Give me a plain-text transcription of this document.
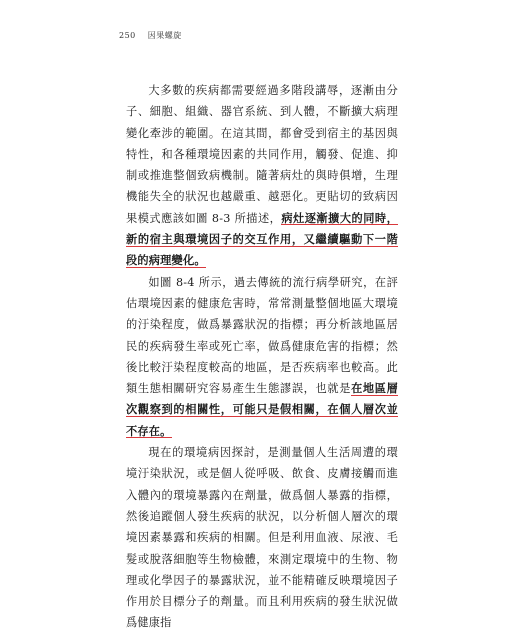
250 因果螺旋

大多數的疾病都需要經過多階段講辱，逐漸由分子、細胞、組織、器官系統、到人體，不斷擴大病理變化牽涉的範圍。在這其間，都會受到宿主的基因與特性，和各種環境因素的共同作用，觸發、促進、抑制或推進整個致病機制。隨著病灶的與時俱增，生理機能失全的狀況也越嚴重、越惡化。更貼切的致病因果模式應該如圖 8-3 所描述，病灶逐漸擴大的同時，新的宿主與環境因子的交互作用，又繼續驅動下一階段的病理變化。

如圖 8-4 所示，過去傳統的流行病學研究，在評估環境因素的健康危害時，常常測量整個地區大環境的汙染程度，做爲暴露狀況的指標；再分析該地區居民的疾病發生率或死亡率，做爲健康危害的指標；然後比較汙染程度較高的地區，是否疾病率也較高。此類生態相關研究容易產生生態謬誤，也就是在地區層次觀察到的相關性，可能只是假相關，在個人層次並不存在。

現在的環境病因探討，是測量個人生活周遭的環境汙染狀況，或是個人從呼吸、飲食、皮膚接觸而進入體內的環境暴露內在劑量，做爲個人暴露的指標，然後追蹤個人發生疾病的狀況，以分析個人層次的環境因素暴露和疾病的相關。但是利用血液、尿液、毛髮或脫落細胞等生物檢體，來測定環境中的生物、物理或化學因子的暴露狀況，並不能精確反映環境因子作用於目標分子的劑量。而且利用疾病的發生狀況做爲健康指
